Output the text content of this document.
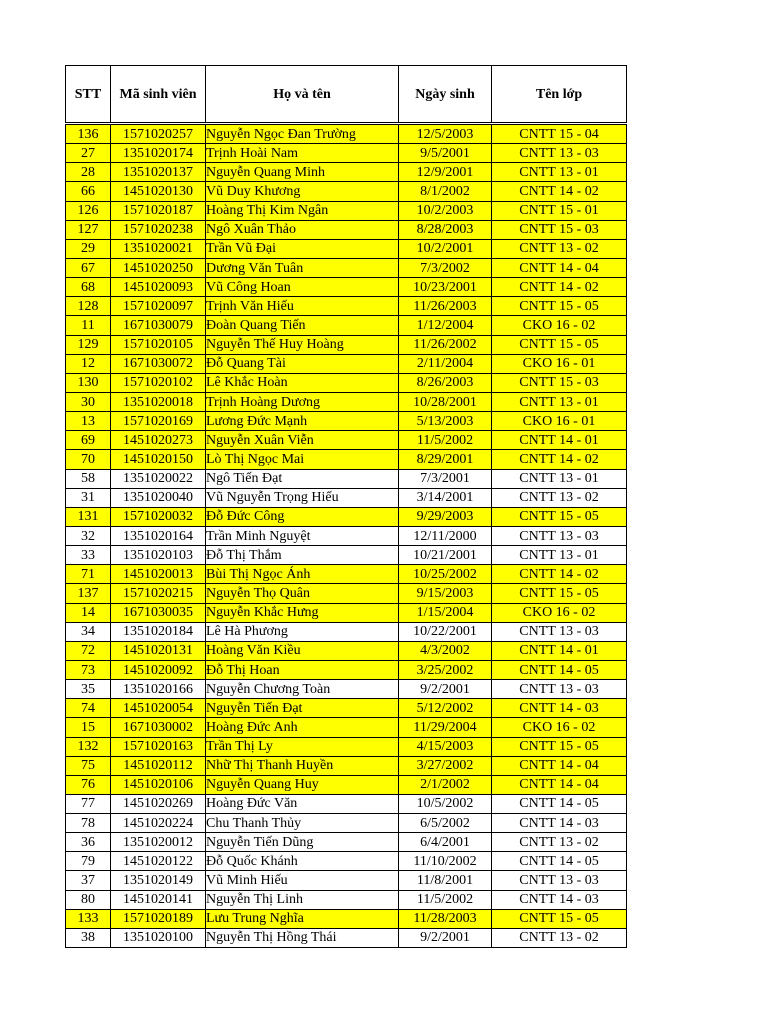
STT	Mã sinh viên	Họ và tên	Ngày sinh	Tên lớp

136	1571020257	Nguyễn Ngọc Đan Trường	12/5/2003	CNTT 15 - 04
27	1351020174	Trịnh Hoài Nam	9/5/2001	CNTT 13 - 03
28	1351020137	Nguyễn Quang Minh	12/9/2001	CNTT 13 - 01
66	1451020130	Vũ Duy Khương	8/1/2002	CNTT 14 - 02
126	1571020187	Hoàng Thị Kim Ngân	10/2/2003	CNTT 15 - 01
127	1571020238	Ngô Xuân Thảo	8/28/2003	CNTT 15 - 03
29	1351020021	Trần Vũ Đại	10/2/2001	CNTT 13 - 02
67	1451020250	Dương Văn Tuân	7/3/2002	CNTT 14 - 04
68	1451020093	Vũ Công Hoan	10/23/2001	CNTT 14 - 02
128	1571020097	Trịnh Văn Hiếu	11/26/2003	CNTT 15 - 05
11	1671030079	Đoàn Quang Tiến	1/12/2004	CKO 16 - 02
129	1571020105	Nguyễn Thế Huy Hoàng	11/26/2002	CNTT 15 - 05
12	1671030072	Đỗ Quang Tài	2/11/2004	CKO 16 - 01
130	1571020102	Lê Khắc Hoàn	8/26/2003	CNTT 15 - 03
30	1351020018	Trịnh Hoàng Dương	10/28/2001	CNTT 13 - 01
13	1571020169	Lương Đức Mạnh	5/13/2003	CKO 16 - 01
69	1451020273	Nguyễn Xuân Viễn	11/5/2002	CNTT 14 - 01
70	1451020150	Lò Thị Ngọc Mai	8/29/2001	CNTT 14 - 02
58	1351020022	Ngô Tiến Đạt	7/3/2001	CNTT 13 - 01
31	1351020040	Vũ Nguyễn Trọng Hiếu	3/14/2001	CNTT 13 - 02
131	1571020032	Đỗ Đức Công	9/29/2003	CNTT 15 - 05
32	1351020164	Trần Minh Nguyệt	12/11/2000	CNTT 13 - 03
33	1351020103	Đỗ Thị Thắm	10/21/2001	CNTT 13 - 01
71	1451020013	Bùi Thị Ngọc Ánh	10/25/2002	CNTT 14 - 02
137	1571020215	Nguyễn Thọ Quân	9/15/2003	CNTT 15 - 05
14	1671030035	Nguyễn Khắc Hưng	1/15/2004	CKO 16 - 02
34	1351020184	Lê Hà Phương	10/22/2001	CNTT 13 - 03
72	1451020131	Hoàng Văn Kiều	4/3/2002	CNTT 14 - 01
73	1451020092	Đỗ Thị Hoan	3/25/2002	CNTT 14 - 05
35	1351020166	Nguyễn Chương Toàn	9/2/2001	CNTT 13 - 03
74	1451020054	Nguyễn Tiến Đạt	5/12/2002	CNTT 14 - 03
15	1671030002	Hoàng Đức Anh	11/29/2004	CKO 16 - 02
132	1571020163	Trần Thị Ly	4/15/2003	CNTT 15 - 05
75	1451020112	Nhữ Thị Thanh Huyền	3/27/2002	CNTT 14 - 04
76	1451020106	Nguyễn Quang Huy	2/1/2002	CNTT 14 - 04
77	1451020269	Hoàng Đức Văn	10/5/2002	CNTT 14 - 05
78	1451020224	Chu Thanh Thủy	6/5/2002	CNTT 14 - 03
36	1351020012	Nguyễn Tiến Dũng	6/4/2001	CNTT 13 - 02
79	1451020122	Đỗ Quốc Khánh	11/10/2002	CNTT 14 - 05
37	1351020149	Vũ Minh Hiếu	11/8/2001	CNTT 13 - 03
80	1451020141	Nguyễn Thị Linh	11/5/2002	CNTT 14 - 03
133	1571020189	Lưu Trung Nghĩa	11/28/2003	CNTT 15 - 05
38	1351020100	Nguyễn Thị Hồng Thái	9/2/2001	CNTT 13 - 02
